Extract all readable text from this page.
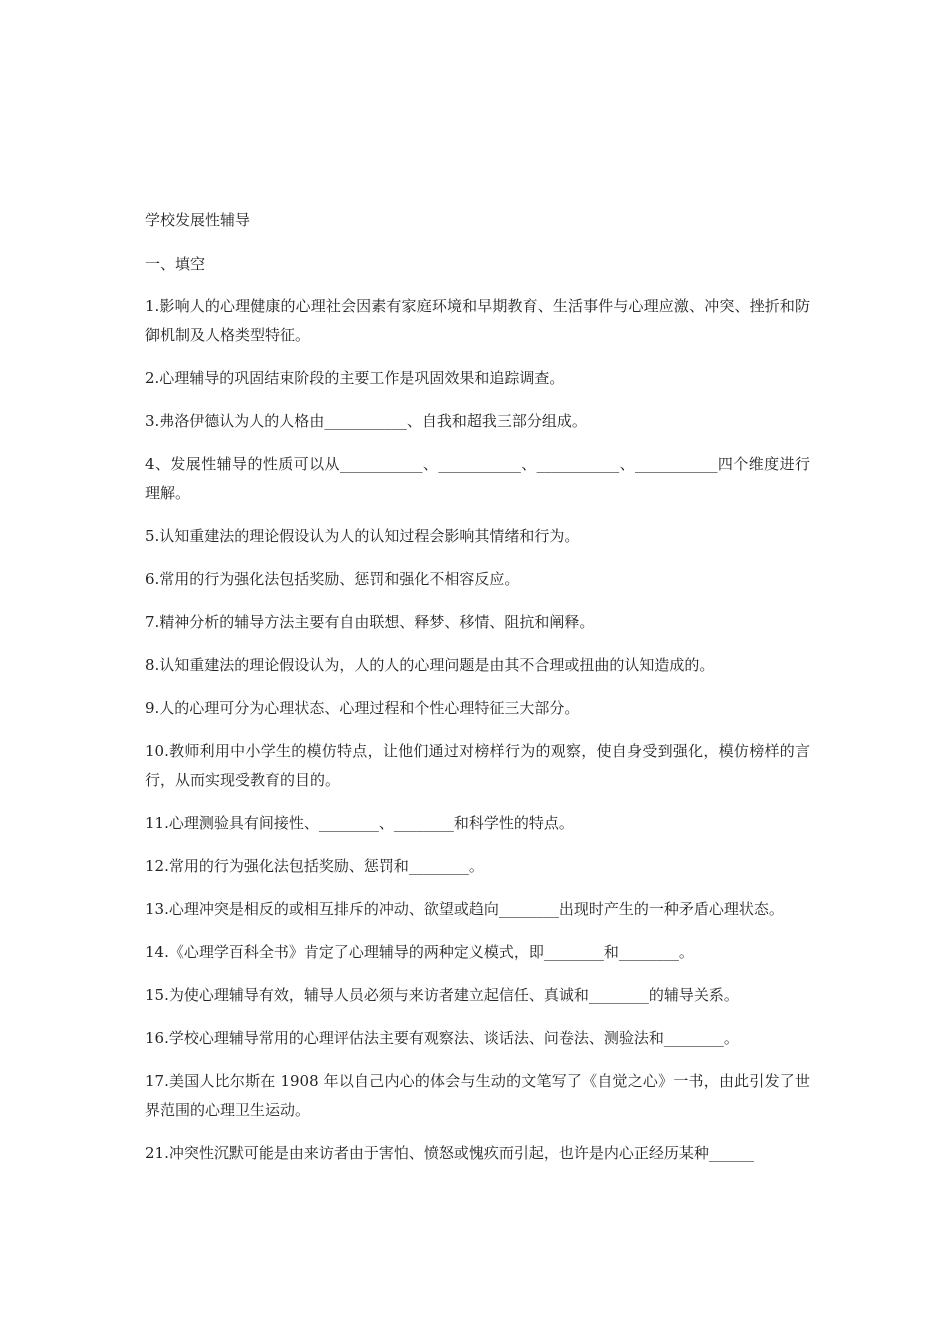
学校发展性辅导
一、填空
1.影响人的心理健康的心理社会因素有家庭环境和早期教育、生活事件与心理应激、冲突、挫折和防御机制及人格类型特征。
2.心理辅导的巩固结束阶段的主要工作是巩固效果和追踪调查。
3.弗洛伊德认为人的人格由___________、自我和超我三部分组成。
4、发展性辅导的性质可以从___________、___________、___________、___________四个维度进行理解。
5.认知重建法的理论假设认为人的认知过程会影响其情绪和行为。
6.常用的行为强化法包括奖励、惩罚和强化不相容反应。
7.精神分析的辅导方法主要有自由联想、释梦、移情、阻抗和阐释。
8.认知重建法的理论假设认为，人的人的心理问题是由其不合理或扭曲的认知造成的。
9.人的心理可分为心理状态、心理过程和个性心理特征三大部分。
10.教师利用中小学生的模仿特点，让他们通过对榜样行为的观察，使自身受到强化，模仿榜样的言行，从而实现受教育的目的。
11.心理测验具有间接性、________、________和科学性的特点。
12.常用的行为强化法包括奖励、惩罚和________。
13.心理冲突是相反的或相互排斥的冲动、欲望或趋向________出现时产生的一种矛盾心理状态。
14.《心理学百科全书》肯定了心理辅导的两种定义模式，即________和________。
15.为使心理辅导有效，辅导人员必须与来访者建立起信任、真诚和________的辅导关系。
16.学校心理辅导常用的心理评估法主要有观察法、谈话法、问卷法、测验法和________。
17.美国人比尔斯在 1908 年以自己内心的体会与生动的文笔写了《自觉之心》一书，由此引发了世界范围的心理卫生运动。
21.冲突性沉默可能是由来访者由于害怕、愤怒或愧疚而引起，也许是内心正经历某种______
